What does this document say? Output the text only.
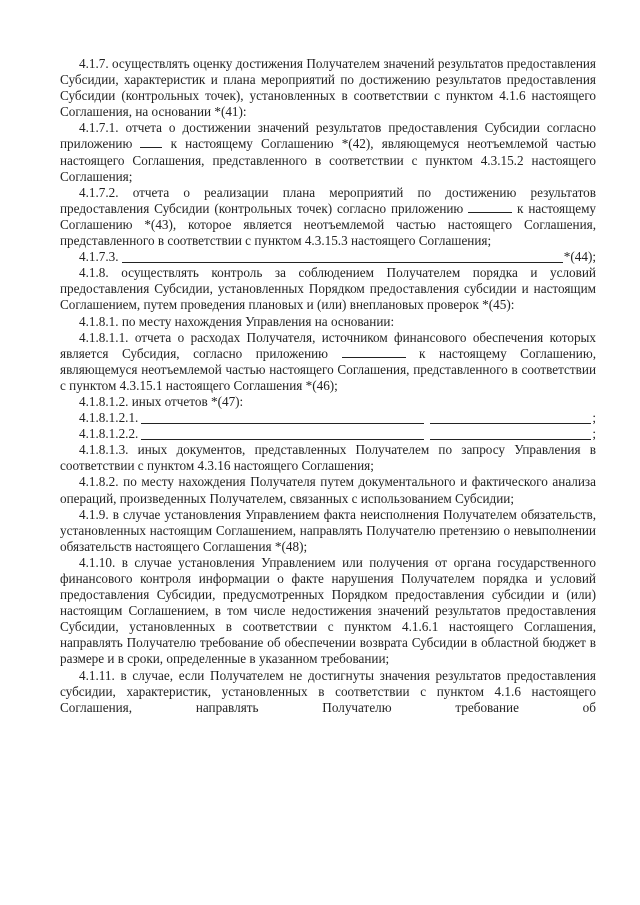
4.1.7. осуществлять оценку достижения Получателем значений результатов предоставления Субсидии, характеристик и плана мероприятий по достижению результатов предоставления Субсидии (контрольных точек), установленных в соответствии с пунктом 4.1.6 настоящего Соглашения, на основании *(41):

4.1.7.1. отчета о достижении значений результатов предоставления Субсидии согласно приложению	к настоящему Соглашению *(42), являющемуся неотъемлемой частью настоящего Соглашения, представленного в соответствии с пунктом 4.3.15.2 настоящего Соглашения;

4.1.7.2. отчета о реализации плана мероприятий по достижению результатов предоставления Субсидии (контрольных точек) согласно приложению	к настоящему Соглашению *(43), которое является неотъемлемой частью настоящего Соглашения, представленного в соответствии с пунктом 4.3.15.3 настоящего Соглашения;

4.1.7.3.	*(44);

4.1.8. осуществлять контроль за соблюдением Получателем порядка и условий предоставления Субсидии, установленных Порядком предоставления субсидии и настоящим Соглашением, путем проведения плановых и (или) внеплановых проверок *(45):

4.1.8.1. по месту нахождения Управления на основании:

4.1.8.1.1. отчета о расходах Получателя, источником финансового обеспечения которых является Субсидия, согласно приложению	к настоящему Соглашению, являющемуся неотъемлемой частью настоящего Соглашения, представленного в соответствии с пунктом 4.3.15.1 настоящего Соглашения *(46);

4.1.8.1.2. иных отчетов *(47):

4.1.8.1.2.1.	;
4.1.8.1.2.2.	;

4.1.8.1.3. иных документов, представленных Получателем по запросу Управления в соответствии с пунктом 4.3.16 настоящего Соглашения;

4.1.8.2. по месту нахождения Получателя путем документального и фактического анализа операций, произведенных Получателем, связанных с использованием Субсидии;

4.1.9. в случае установления Управлением факта неисполнения Получателем обязательств, установленных настоящим Соглашением, направлять Получателю претензию о невыполнении обязательств настоящего Соглашения *(48);

4.1.10. в случае установления Управлением или получения от органа государственного финансового контроля информации о факте нарушения Получателем порядка и условий предоставления Субсидии, предусмотренных Порядком предоставления субсидии и (или) настоящим Соглашением, в том числе недостижения значений результатов предоставления Субсидии, установленных в соответствии с пунктом 4.1.6.1 настоящего Соглашения, направлять Получателю требование об обеспечении возврата Субсидии в областной бюджет в размере и в сроки, определенные в указанном требовании;

4.1.11. в случае, если Получателем не достигнуты значения результатов предоставления субсидии, характеристик, установленных в соответствии с пунктом 4.1.6 настоящего Соглашения, направлять Получателю требование об
